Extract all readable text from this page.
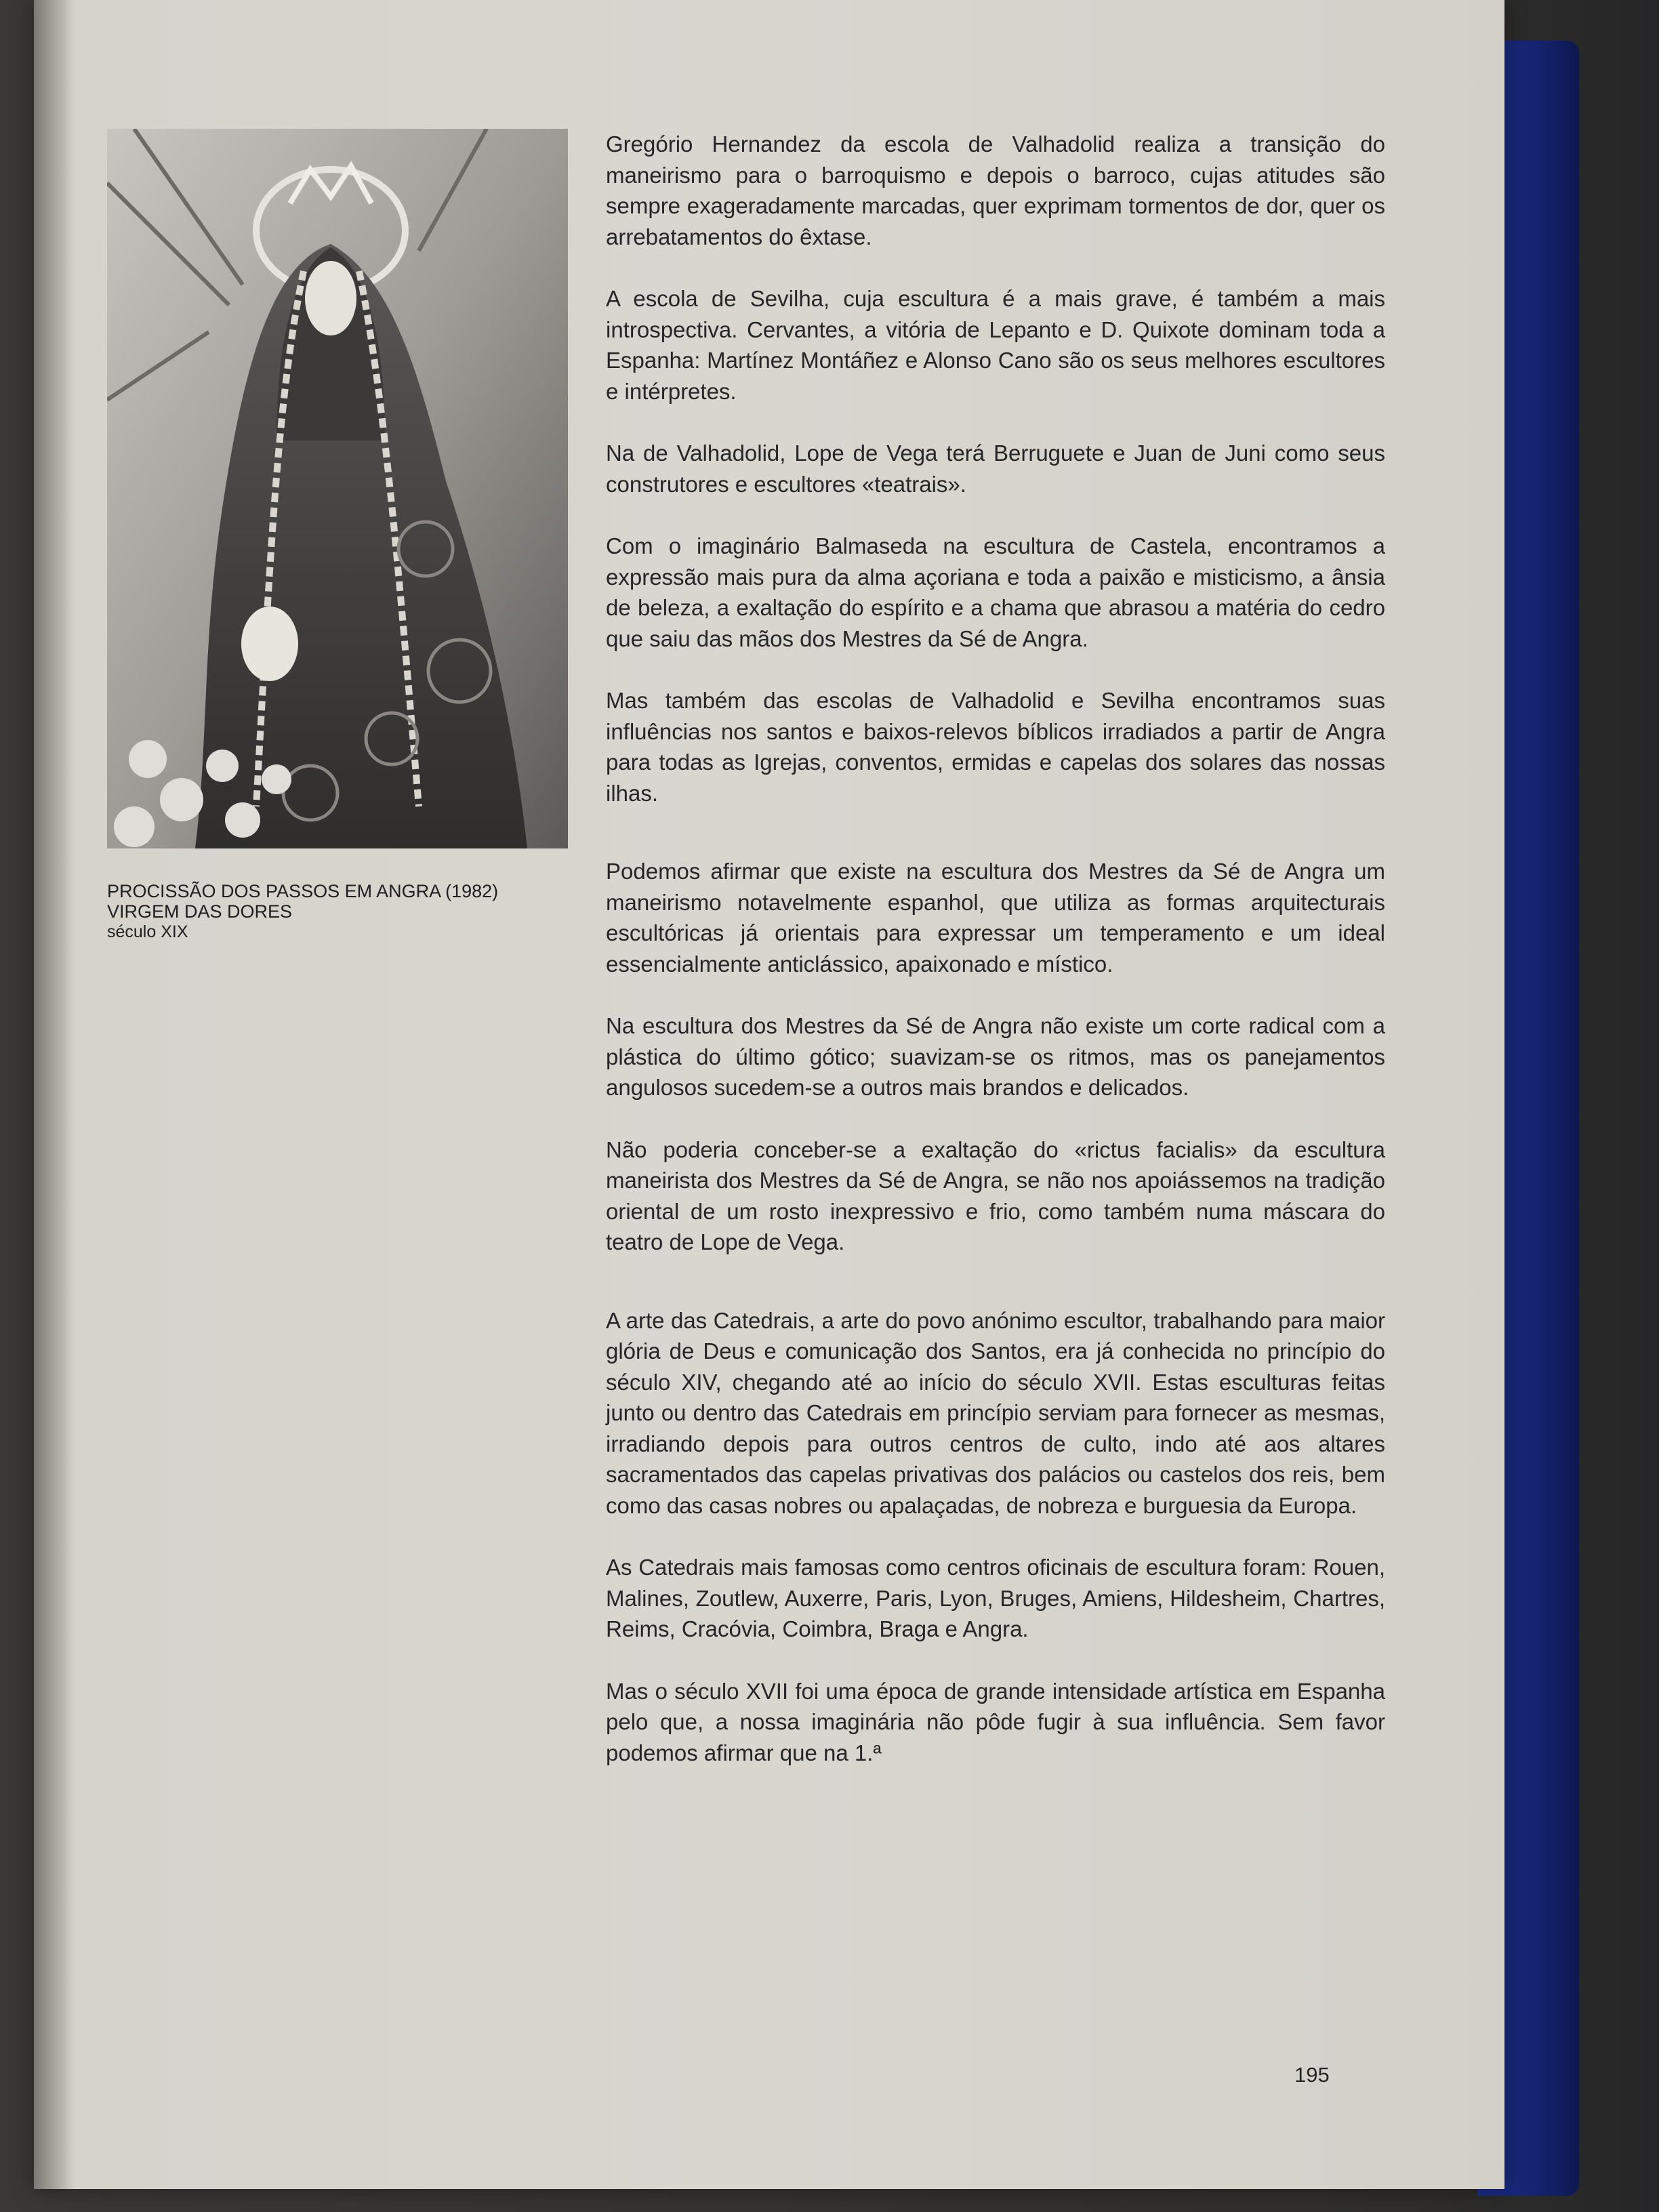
PROCISSÃO DOS PASSOS EM ANGRA (1982)
VIRGEM DAS DORES
século XIX

Gregório Hernandez da escola de Valhadolid realiza a transição do maneirismo para o barroquismo e depois o barroco, cujas atitudes são sempre exageradamente marcadas, quer exprimam tormentos de dor, quer os arrebatamentos do êxtase.

A escola de Sevilha, cuja escultura é a mais grave, é também a mais introspectiva. Cervantes, a vitória de Lepanto e D. Quixote dominam toda a Espanha: Martínez Montáñez e Alonso Cano são os seus melhores escultores e intérpretes.

Na de Valhadolid, Lope de Vega terá Berruguete e Juan de Juni como seus construtores e escultores «teatrais».

Com o imaginário Balmaseda na escultura de Castela, encontramos a expressão mais pura da alma açoriana e toda a paixão e misticismo, a ânsia de beleza, a exaltação do espírito e a chama que abrasou a matéria do cedro que saiu das mãos dos Mestres da Sé de Angra.

Mas também das escolas de Valhadolid e Sevilha encontramos suas influências nos santos e baixos-relevos bíblicos irradiados a partir de Angra para todas as Igrejas, conventos, ermidas e capelas dos solares das nossas ilhas.

Podemos afirmar que existe na escultura dos Mestres da Sé de Angra um maneirismo notavelmente espanhol, que utiliza as formas arquitecturais escultóricas já orientais para expressar um temperamento e um ideal essencialmente anticlássico, apaixonado e místico.

Na escultura dos Mestres da Sé de Angra não existe um corte radical com a plástica do último gótico; suavizam-se os ritmos, mas os panejamentos angulosos sucedem-se a outros mais brandos e delicados.

Não poderia conceber-se a exaltação do «rictus facialis» da escultura maneirista dos Mestres da Sé de Angra, se não nos apoiássemos na tradição oriental de um rosto inexpressivo e frio, como também numa máscara do teatro de Lope de Vega.

A arte das Catedrais, a arte do povo anónimo escultor, trabalhando para maior glória de Deus e comunicação dos Santos, era já conhecida no princípio do século XIV, chegando até ao início do século XVII. Estas esculturas feitas junto ou dentro das Catedrais em princípio serviam para fornecer as mesmas, irradiando depois para outros centros de culto, indo até aos altares sacramentados das capelas privativas dos palácios ou castelos dos reis, bem como das casas nobres ou apalaçadas, de nobreza e burguesia da Europa.

As Catedrais mais famosas como centros oficinais de escultura foram: Rouen, Malines, Zoutlew, Auxerre, Paris, Lyon, Bruges, Amiens, Hildesheim, Chartres, Reims, Cracóvia, Coimbra, Braga e Angra.

Mas o século XVII foi uma época de grande intensidade artística em Espanha pelo que, a nossa imaginária não pôde fugir à sua influência. Sem favor podemos afirmar que na 1.ª

195
